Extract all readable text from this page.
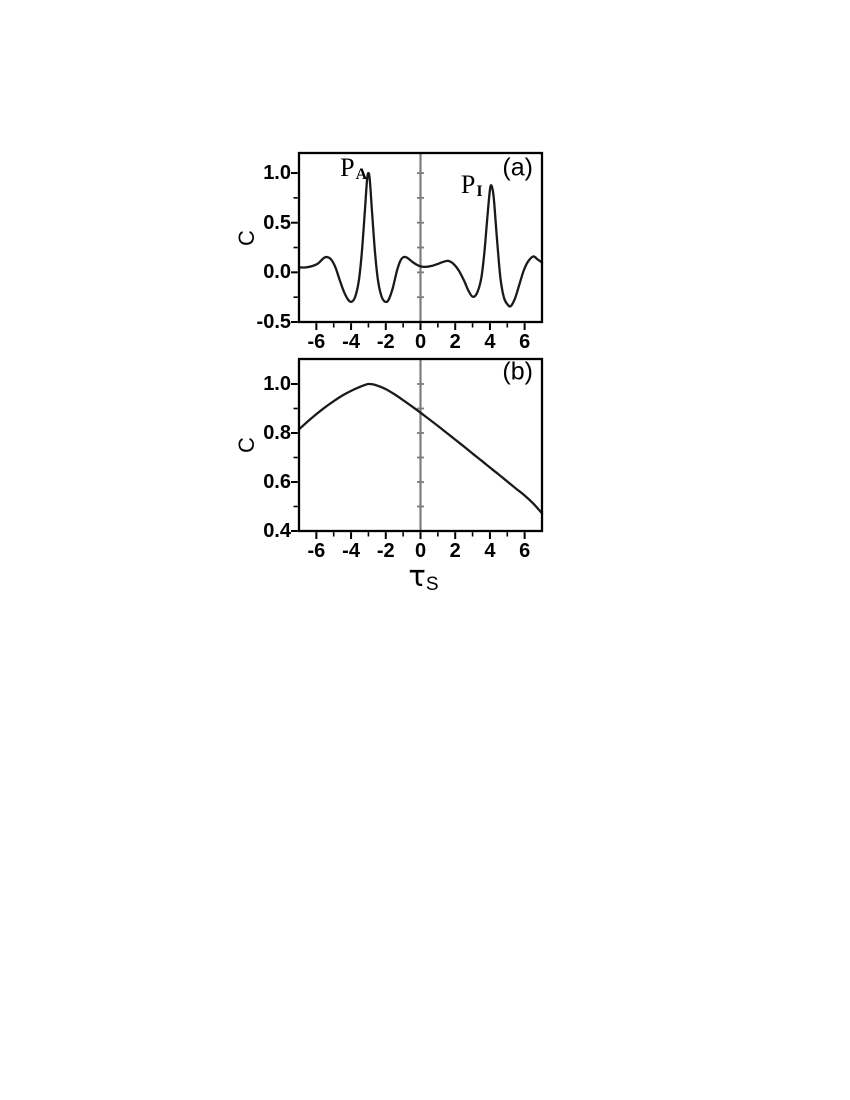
-6 -4 -2 0 2 4 6
1.0
0.5
0.0
-0.5
C
PA	PI
(a)
-6 -4 -2 0 2 4 6
1.0
0.8
0.6
0.4
C
τS
(b)
